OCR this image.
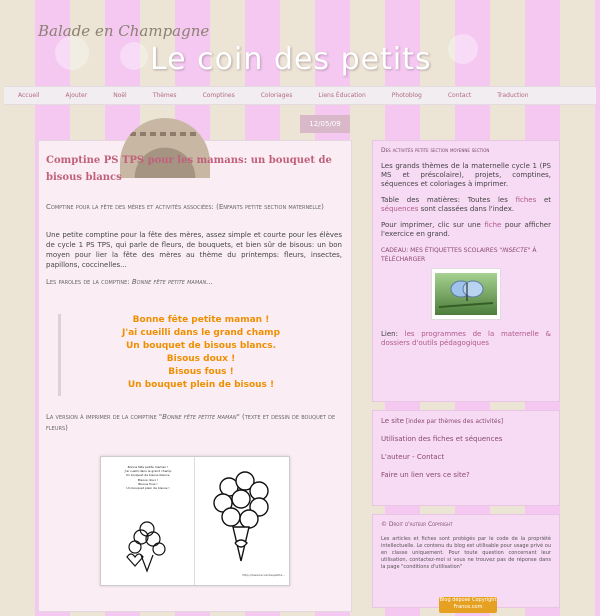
Balade en Champagne
Le coin des petits
Accueil	Ajouter	Noël	Thèmes	Comptines	Coloriages	Liens Éducation	Photoblog	Contact	Traduction
12/05/09
Comptine PS TPS pour les mamans: un bouquet de bisous blancs
Comptine pour la fête des mères et activités associées: (Enfants petite section maternelle)
Une petite comptine pour la fête des mères, assez simple et courte pour les élèves de cycle 1 PS TPS, qui parle de fleurs, de bouquets, et bien sûr de bisous: un bon moyen pour lier la fête des mères au thème du printemps: fleurs, insectes, papillons, coccinelles...
Les paroles de la comptine: Bonne fête petite maman...
Bonne fête petite maman !
J'ai cueilli dans le grand champ
Un bouquet de bisous blancs.
Bisous doux !
Bisous fous !
Un bouquet plein de bisous !
La version à imprimer de la comptine "Bonne fête petite maman" (texte et dessin de bouquet de fleurs)
Bonne fête petite maman !
J'ai cueilli dans le grand champ
Un bouquet de bisous blancs.
Bisous doux !
Bisous fous !
Un bouquet plein de bisous !
http://www.lecoindespetits...
Des activités petite section moyenne section
Les grands thèmes de la maternelle cycle 1 (PS MS et préscolaire), projets, comptines, séquences et coloriages à imprimer.
Table des matières: Toutes les fiches et séquences sont classées dans l'index.
Pour imprimer, clic sur une fiche pour afficher l'exercice en grand.
CADEAU: MES ÉTIQUETTES SCOLAIRES "INSECTE" À TÉLÉCHARGER
Lien: les programmes de la maternelle & dossiers d'outils pédagogiques
Le site [index par thèmes des activités]
Utilisation des fiches et séquences
L'auteur - Contact
Faire un lien vers ce site?
© Droit d'auteur Copyright
Les articles et fiches sont protégés par le code de la propriété intellectuelle. Le contenu du blog est utilisable pour usage privé ou en classe uniquement. Pour toute question concernant leur utilisation, contactez-moi si vous ne trouvez pas de réponse dans la page "conditions d'utilisation"
Blog déposé Copyright France.com
